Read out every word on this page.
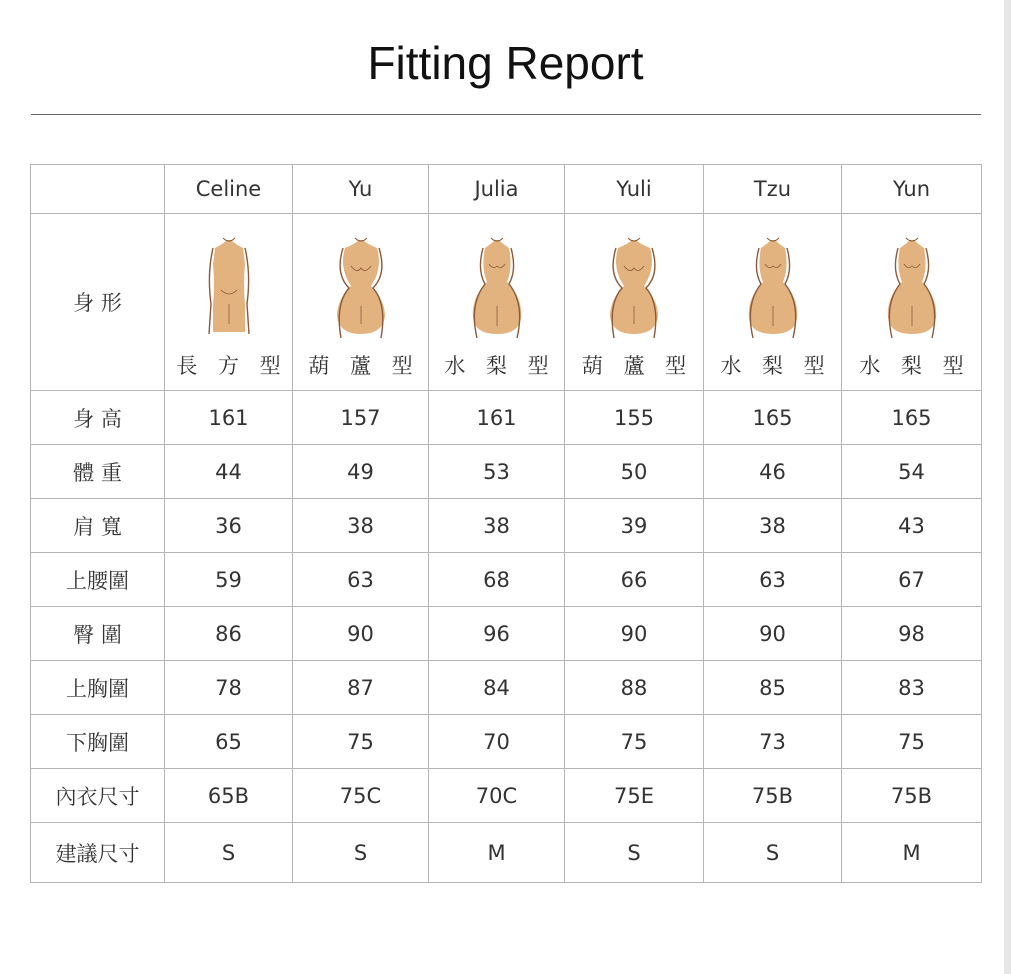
Fitting Report
	Celine	Yu	Julia	Yuli	Tzu	Yun
身 形	長 方 型	葫 蘆 型	水 梨 型	葫 蘆 型	水 梨 型	水 梨 型

身 高	161	157	161	155	165	165
體 重	44	49	53	50	46	54
肩 寬	36	38	38	39	38	43
上腰圍	59	63	68	66	63	67
臀 圍	86	90	96	90	90	98
上胸圍	78	87	84	88	85	83
下胸圍	65	75	70	75	73	75
內衣尺寸	65B	75C	70C	75E	75B	75B
建議尺寸	S	S	M	S	S	M
